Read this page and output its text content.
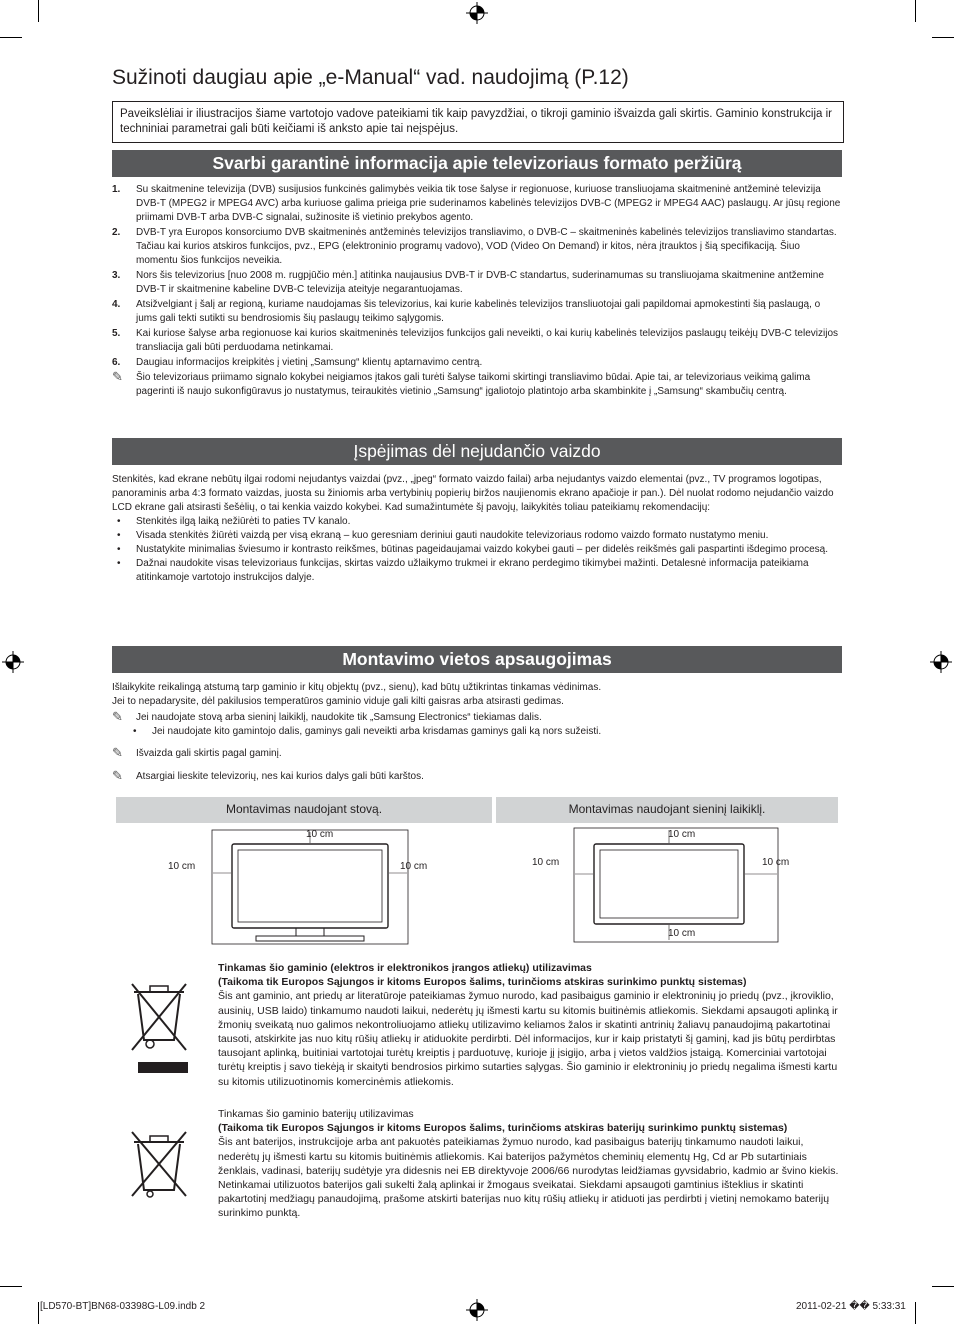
Sužinoti daugiau apie „e-Manual“ vad. naudojimą (P.12)
Paveikslėliai ir iliustracijos šiame vartotojo vadove pateikiami tik kaip pavyzdžiai, o tikroji gaminio išvaizda gali skirtis. Gaminio konstrukcija ir techniniai parametrai gali būti keičiami iš anksto apie tai neįspėjus.
Svarbi garantinė informacija apie televizoriaus formato peržiūrą
1. Su skaitmenine televizija (DVB) susijusios funkcinės galimybės veikia tik tose šalyse ir regionuose, kuriuose transliuojama skaitmeninė antžeminė televizija DVB-T (MPEG2 ir MPEG4 AVC) arba kuriuose galima prieiga prie suderinamos kabelinės televizijos DVB-C (MPEG2 ir MPEG4 AAC) paslaugų. Ar jūsų regione priimami DVB-T arba DVB-C signalai, sužinosite iš vietinio prekybos agento.
2. DVB-T yra Europos konsorciumo DVB skaitmeninės antžeminės televizijos transliavimo, o DVB-C – skaitmeninės kabelinės televizijos transliavimo standartas. Tačiau kai kurios atskiros funkcijos, pvz., EPG (elektroninio programų vadovo), VOD (Video On Demand) ir kitos, nėra įtrauktos į šią specifikaciją. Šiuo momentu šios funkcijos neveikia.
3. Nors šis televizorius [nuo 2008 m. rugpjūčio mėn.] atitinka naujausius DVB-T ir DVB-C standartus, suderinamumas su transliuojama skaitmenine antžemine DVB-T ir skaitmenine kabeline DVB-C televizija ateityje negarantuojamas.
4. Atsižvelgiant į šalį ar regioną, kuriame naudojamas šis televizorius, kai kurie kabelinės televizijos transliuotojai gali papildomai apmokestinti šią paslaugą, o jums gali tekti sutikti su bendrosiomis šių paslaugų teikimo sąlygomis.
5. Kai kuriose šalyse arba regionuose kai kurios skaitmeninės televizijos funkcijos gali neveikti, o kai kurių kabelinės televizijos paslaugų teikėjų DVB-C televizijos transliacija gali būti perduodama netinkamai.
6. Daugiau informacijos kreipkitės į vietinį „Samsung“ klientų aptarnavimo centrą.
✎ Šio televizoriaus priimamo signalo kokybei neigiamos įtakos gali turėti šalyse taikomi skirtingi transliavimo būdai. Apie tai, ar televizoriaus veikimą galima pagerinti iš naujo sukonfigūravus jo nustatymus, teiraukitės vietinio „Samsung“ įgaliotojo platintojo arba skambinkite į „Samsung“ skambučių centrą.
Įspėjimas dėl nejudančio vaizdo
Stenkitės, kad ekrane nebūtų ilgai rodomi nejudantys vaizdai (pvz., „jpeg“ formato vaizdo failai) arba nejudantys vaizdo elementai (pvz., TV programos logotipas, panoraminis arba 4:3 formato vaizdas, juosta su žiniomis arba vertybinių popierių biržos naujienomis ekrano apačioje ir pan.). Dėl nuolat rodomo nejudančio vaizdo LCD ekrane gali atsirasti šešėlių, o tai kenkia vaizdo kokybei. Kad sumažintumėte šį pavojų, laikykitės toliau pateikiamų rekomendacijų:
• Stenkitės ilgą laiką nežiūrėti to paties TV kanalo.
• Visada stenkitės žiūrėti vaizdą per visą ekraną – kuo geresniam deriniui gauti naudokite televizoriaus rodomo vaizdo formato nustatymo meniu.
• Nustatykite minimalias šviesumo ir kontrasto reikšmes, būtinas pageidaujamai vaizdo kokybei gauti – per didelės reikšmės gali paspartinti išdegimo procesą.
• Dažnai naudokite visas televizoriaus funkcijas, skirtas vaizdo užlaikymo trukmei ir ekrano perdegimo tikimybei mažinti. Detalesnė informacija pateikiama atitinkamoje vartotojo instrukcijos dalyje.
Montavimo vietos apsaugojimas
Išlaikykite reikalingą atstumą tarp gaminio ir kitų objektų (pvz., sienų), kad būtų užtikrintas tinkamas vėdinimas.
Jei to nepadarysite, dėl pakilusios temperatūros gaminio viduje gali kilti gaisras arba atsirasti gedimas.
✎ Jei naudojate stovą arba sieninį laikiklį, naudokite tik „Samsung Electronics“ tiekiamas dalis.
• Jei naudojate kito gamintojo dalis, gaminys gali neveikti arba krisdamas gaminys gali ką nors sužeisti.
✎ Išvaizda gali skirtis pagal gaminį.
✎ Atsargiai lieskite televizorių, nes kai kurios dalys gali būti karštos.
Montavimas naudojant stovą.	Montavimas naudojant sieninį laikiklį.
10 cm
10 cm	10 cm
10 cm
10 cm	10 cm
10 cm
Tinkamas šio gaminio (elektros ir elektronikos įrangos atliekų) utilizavimas
(Taikoma tik Europos Sąjungos ir kitoms Europos šalims, turinčioms atskiras surinkimo punktų sistemas)
Šis ant gaminio, ant priedų ar literatūroje pateikiamas žymuo nurodo, kad pasibaigus gaminio ir elektroninių jo priedų (pvz., įkroviklio, ausinių, USB laido) tinkamumo naudoti laikui, nederėtų jų išmesti kartu su kitomis buitinėmis atliekomis. Siekdami apsaugoti aplinką ir žmonių sveikatą nuo galimos nekontroliuojamo atliekų utilizavimo keliamos žalos ir skatinti antrinių žaliavų panaudojimą pakartotinai tausoti, atskirkite jas nuo kitų rūšių atliekų ir atiduokite perdirbti. Dėl informacijos, kur ir kaip pristatyti šį gaminį, kad jis būtų perdirbtas tausojant aplinką, buitiniai vartotojai turėtų kreiptis į parduotuvę, kurioje jį įsigijo, arba į vietos valdžios įstaigą. Komerciniai vartotojai turėtų kreiptis į savo tiekėją ir skaityti bendrosios pirkimo sutarties sąlygas. Šio gaminio ir elektroninių jo priedų negalima išmesti kartu su kitomis utilizuotinomis komercinėmis atliekomis.
Tinkamas šio gaminio baterijų utilizavimas
(Taikoma tik Europos Sąjungos ir kitoms Europos šalims, turinčioms atskiras baterijų surinkimo punktų sistemas)
Šis ant baterijos, instrukcijoje arba ant pakuotės pateikiamas žymuo nurodo, kad pasibaigus baterijų tinkamumo naudoti laikui, nederėtų jų išmesti kartu su kitomis buitinėmis atliekomis. Kai baterijos pažymėtos cheminių elementų Hg, Cd ar Pb sutartiniais ženklais, vadinasi, baterijų sudėtyje yra didesnis nei EB direktyvoje 2006/66 nurodytas leidžiamas gyvsidabrio, kadmio ar švino kiekis. Netinkamai utilizuotos baterijos gali sukelti žalą aplinkai ir žmogaus sveikatai. Siekdami apsaugoti gamtinius išteklius ir skatinti pakartotinį medžiagų panaudojimą, prašome atskirti baterijas nuo kitų rūšių atliekų ir atiduoti jas perdirbti į vietinį nemokamo baterijų surinkimo punktą.
[LD570-BT]BN68-03398G-L09.indb 2	2011-02-21 �� 5:33:31
